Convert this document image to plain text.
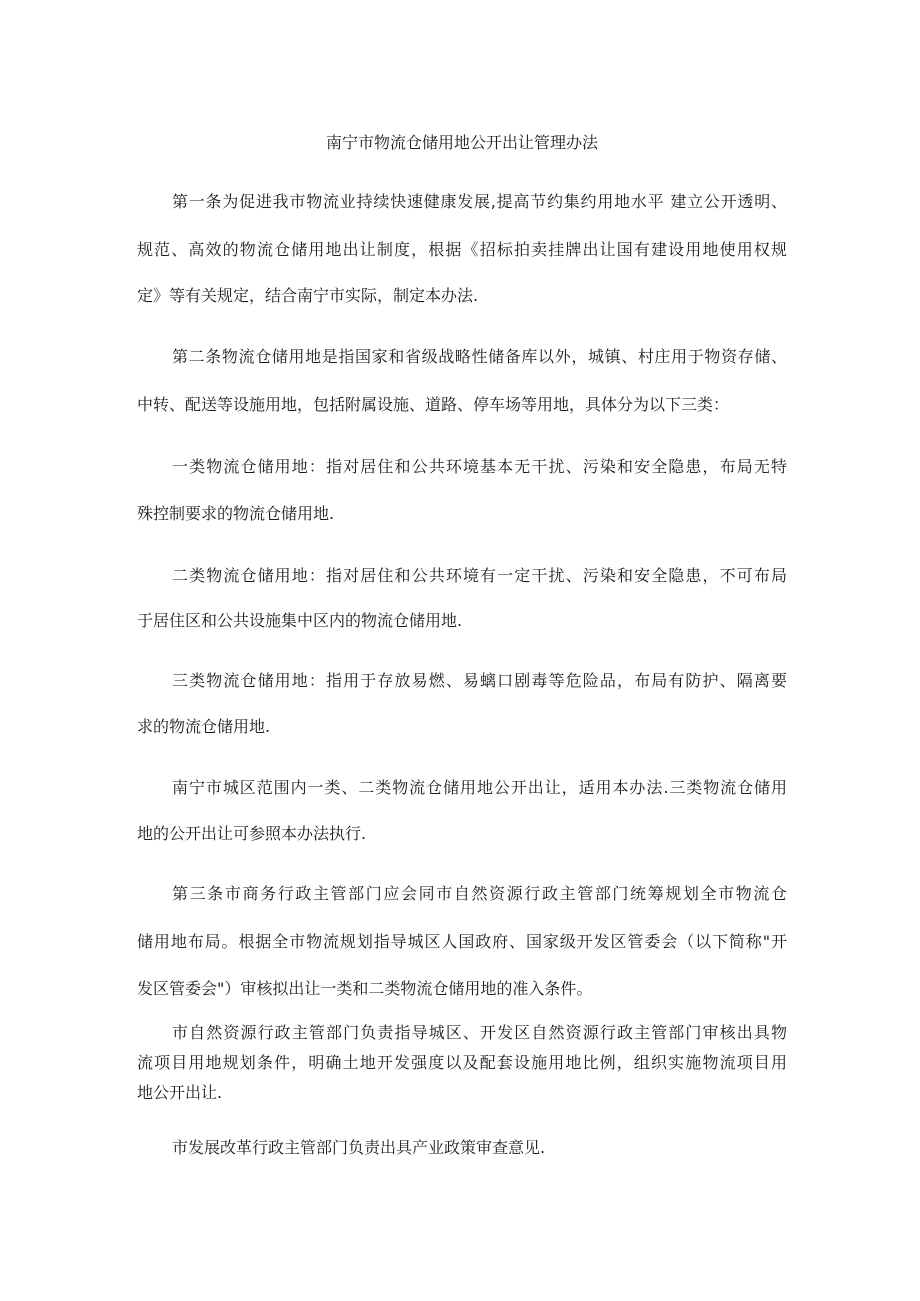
南宁市物流仓储用地公开出让管理办法
第一条为促进我市物流业持续快速健康发展,提高节约集约用地水平 建立公开透明、
规范、高效的物流仓储用地出让制度，根据《招标拍卖挂牌出让国有建设用地使用权规
定》等有关规定，结合南宁市实际，制定本办法.
第二条物流仓储用地是指国家和省级战略性储备库以外，城镇、村庄用于物资存储、
中转、配送等设施用地，包括附属设施、道路、停车场等用地，具体分为以下三类：
一类物流仓储用地：指对居住和公共环境基本无干扰、污染和安全隐患，布局无特
殊控制要求的物流仓储用地.
二类物流仓储用地：指对居住和公共环境有一定干扰、污染和安全隐患，不可布局
于居住区和公共设施集中区内的物流仓储用地.
三类物流仓储用地：指用于存放易燃、易螭口剧毒等危险品，布局有防护、隔离要
求的物流仓储用地.
南宁市城区范围内一类、二类物流仓储用地公开出让，适用本办法.三类物流仓储用
地的公开出让可参照本办法执行.
第三条市商务行政主管部门应会同市自然资源行政主管部门统筹规划全市物流仓
储用地布局。根据全市物流规划指导城区人国政府、国家级开发区管委会（以下简称"开
发区管委会"）审核拟出让一类和二类物流仓储用地的准入条件。
市自然资源行政主管部门负责指导城区、开发区自然资源行政主管部门审核出具物
流项目用地规划条件，明确土地开发强度以及配套设施用地比例，组织实施物流项目用
地公开出让.
市发展改革行政主管部门负责出具产业政策审查意见.
